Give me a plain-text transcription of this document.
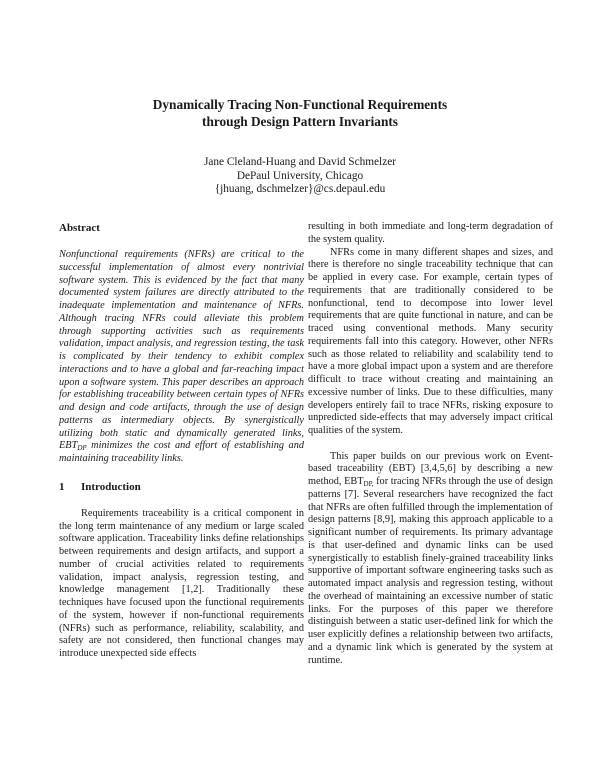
Dynamically Tracing Non-Functional Requirements
through Design Pattern Invariants
Jane Cleland-Huang and David Schmelzer
DePaul University, Chicago
{jhuang, dschmelzer}@cs.depaul.edu
Abstract

Nonfunctional requirements (NFRs) are critical to the successful implementation of almost every nontrivial software system. This is evidenced by the fact that many documented system failures are directly attributed to the inadequate implementation and maintenance of NFRs. Although tracing NFRs could alleviate this problem through supporting activities such as requirements validation, impact analysis, and regression testing, the task is complicated by their tendency to exhibit complex interactions and to have a global and far-reaching impact upon a software system. This paper describes an approach for establishing traceability between certain types of NFRs and design and code artifacts, through the use of design patterns as intermediary objects. By synergistically utilizing both static and dynamically generated links, $EBT_{DP}$ minimizes the cost and effort of establishing and maintaining traceability links.

1 Introduction

Requirements traceability is a critical component in the long term maintenance of any medium or large scaled software application. Traceability links define relationships between requirements and design artifacts, and support a number of crucial activities related to requirements validation, impact analysis, regression testing, and knowledge management [1,2]. Traditionally these techniques have focused upon the functional requirements of the system, however if non-functional requirements (NFRs) such as performance, reliability, scalability, and safety are not considered, then functional changes may introduce unexpected side effects

resulting in both immediate and long-term degradation of the system quality.

NFRs come in many different shapes and sizes, and there is therefore no single traceability technique that can be applied in every case. For example, certain types of requirements that are traditionally considered to be nonfunctional, tend to decompose into lower level requirements that are quite functional in nature, and can be traced using conventional methods. Many security requirements fall into this category. However, other NFRs such as those related to reliability and scalability tend to have a more global impact upon a system and are therefore difficult to trace without creating and maintaining an excessive number of links. Due to these difficulties, many developers entirely fail to trace NFRs, risking exposure to unpredicted side-effects that may adversely impact critical qualities of the system.

This paper builds on our previous work on Event-based traceability (EBT) [3,4,5,6] by describing a new method, $EBT_{DP,}$ for tracing NFRs through the use of design patterns [7]. Several researchers have recognized the fact that NFRs are often fulfilled through the implementation of design patterns [8,9], making this approach applicable to a significant number of requirements. Its primary advantage is that user-defined and dynamic links can be used synergistically to establish finely-grained traceability links supportive of important software engineering tasks such as automated impact analysis and regression testing, without the overhead of maintaining an excessive number of static links. For the purposes of this paper we therefore distinguish between a static user-defined link for which the user explicitly defines a relationship between two artifacts, and a dynamic link which is generated by the system at runtime.
